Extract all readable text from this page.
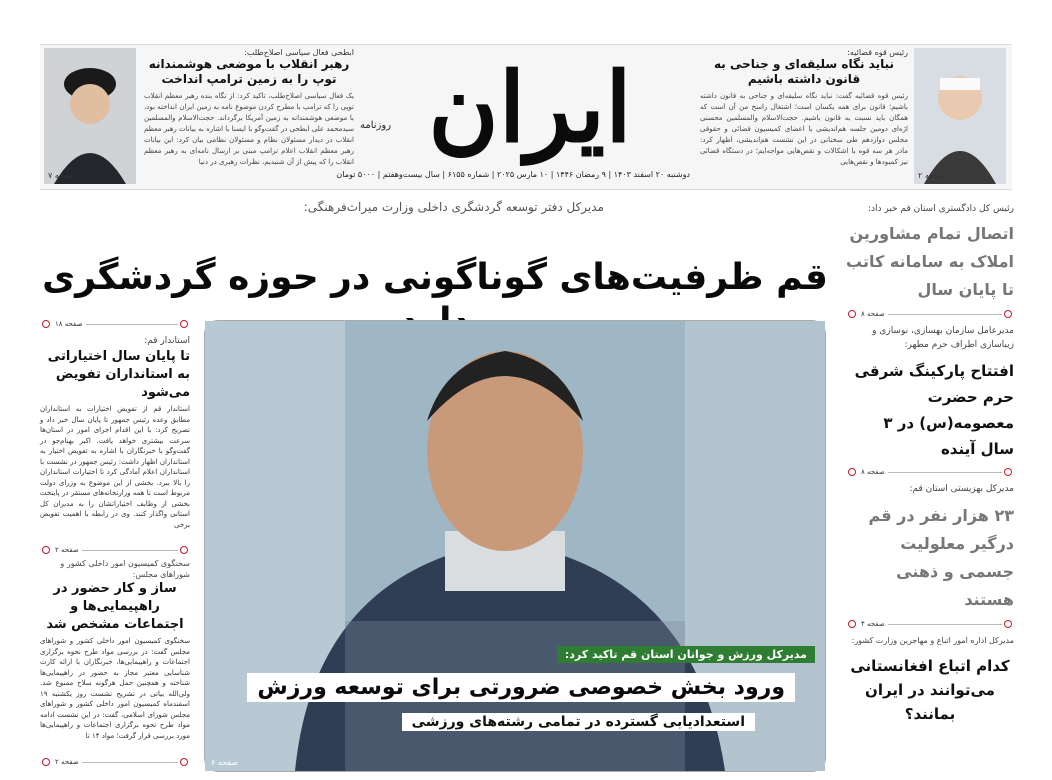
صفحه ۲
رئیس قوه قضائیه:
نباید نگاه سلیقه‌ای و جناحی به قانون داشته باشیم
رئیس قوه قضائیه گفت: نباید نگاه سلیقه‌ای و جناحی به قانون داشته باشیم؛ قانون برای همه یکسان است؛ اشتغال راسخ من آن است که همگان باید نسبت به قانون باشیم. حجت‌الاسلام والمسلمین محسنی اژه‌ای دومین جلسه هم‌اندیشی با اعضای کمیسیون قضائی و حقوقی مجلس دوازدهم طی سخنانی در این نشست هم‌اندیشی، اظهار کرد: مادر هر سه قوه با اشکالات و نقص‌هایی مواجه‌ایم؛ در دستگاه قضائی نیز کمبودها و نقص‌هایی
ایران
روزنامه
دوشنبه ۲۰ اسفند ۱۴۰۳ | ۹ رمضان ۱۴۴۶ | ۱۰ مارس ۲۰۲۵ | شماره ۶۱۵۵ | سال بیست‌وهفتم | ۵۰۰۰ تومان
ابطحی فعال سیاسی اصلاح‌طلب:
رهبر انقلاب با موضعی هوشمندانه توپ را به زمین ترامپ انداخت
یک فعال سیاسی اصلاح‌طلب، تاکید کرد: از نگاه بنده رهبر معظم انقلاب توپی را که ترامپ با مطرح کردن موضوع نامه به زمین ایران انداخته بود، با موضعی هوشمندانه به زمین آمریکا برگرداند. حجت‌الاسلام والمسلمین سیدمحمد علی ابطحی در گفت‌وگو با ایسنا با اشاره به بیانات رهبر معظم انقلاب در دیدار مسئولان نظام و مسئولان نظامی بیان کرد: این بیانات رهبر معظم انقلاب اعلام ترامپ مبنی بر ارسال نامه‌ای به رهبر معظم انقلاب را که پیش از آن شنیدیم، نظرات رهبری در دنیا
صفحه ۷
مدیرکل دفتر توسعه گردشگری داخلی وزارت میراث‌فرهنگی:
قم ظرفیت‌های گوناگونی در حوزه گردشگری
مدیرکل ورزش و جوانان استان قم تاکید کرد:
ورود بخش خصوصی ضرورتی برای توسعه ورزش
استعدادیابی گسترده در تمامی رشته‌های ورزشی
صفحه ۶
صفحه ۱۸
استاندار قم:
تا پایان سال اختیاراتی به استانداران تفویض می‌شود
استاندار قم از تفویض اختیارات به استانداران مطابق وعده رئیس جمهور تا پایان سال خبر داد و تصریح کرد: با این اقدام اجرای امور در استان‌ها سرعت بیشتری خواهد یافت. اکبر بهنام‌جو در گفت‌وگو با خبرنگاران با اشاره به تفویض اختیار به استانداران اظهار داشت: رئیس جمهور در نشست با استانداران اعلام آمادگی کرد تا اختیارات استانداران را بالا ببرد. بخشی از این موضوع به وزرای دولت مربوط است تا همه وزارتخانه‌های مستقر در پایتخت بخشی از وظایف اختیاراتشان را به مدیران کل استانی واگذار کنند. وی در رابطه با اهمیت تفویض برخی
صفحه ۲
سخنگوی کمیسیون امور داخلی کشور و شوراهای مجلس:
ساز و کار حضور در راهپیمایی‌ها و اجتماعات مشخص شد
سخنگوی کمیسیون امور داخلی کشور و شوراهای مجلس گفت: در بررسی مواد طرح نحوه برگزاری اجتماعات و راهپیمایی‌ها، خبرنگاران با ارائه کارت شناسایی معتبر مجاز به حضور در راهپیمایی‌ها شناخته و همچنین حمل هرگونه سلاح ممنوع شد. ولی‌الله بیاتی در تشریح نشست روز یکشنبه ۱۹ اسفندماه کمیسیون امور داخلی کشور و شوراهای مجلس شورای اسلامی، گفت: در این نشست ادامه مواد طرح نحوه برگزاری اجتماعات و راهپیمایی‌ها مورد بررسی قرار گرفت؛ مواد ۱۴ تا
صفحه ۲
رئیس کل دادگستری استان قم خبر داد:
اتصال تمام مشاورین املاک به سامانه کاتب تا پایان سال
صفحه ۸
مدیرعامل سازمان بهسازی، نوسازی و زیباسازی اطراف حرم مطهر:
افتتاح پارکینگ شرقی حرم حضرت معصومه(س) در ۳ سال آینده
صفحه ۸
مدیرکل بهزیستی استان قم:
۲۳ هزار نفر در قم درگیر معلولیت جسمی و ذهنی هستند
صفحه ۴
مدیرکل اداره امور اتباع و مهاجرین وزارت کشور:
کدام اتباع افغانستانی می‌توانند در ایران بمانند؟
